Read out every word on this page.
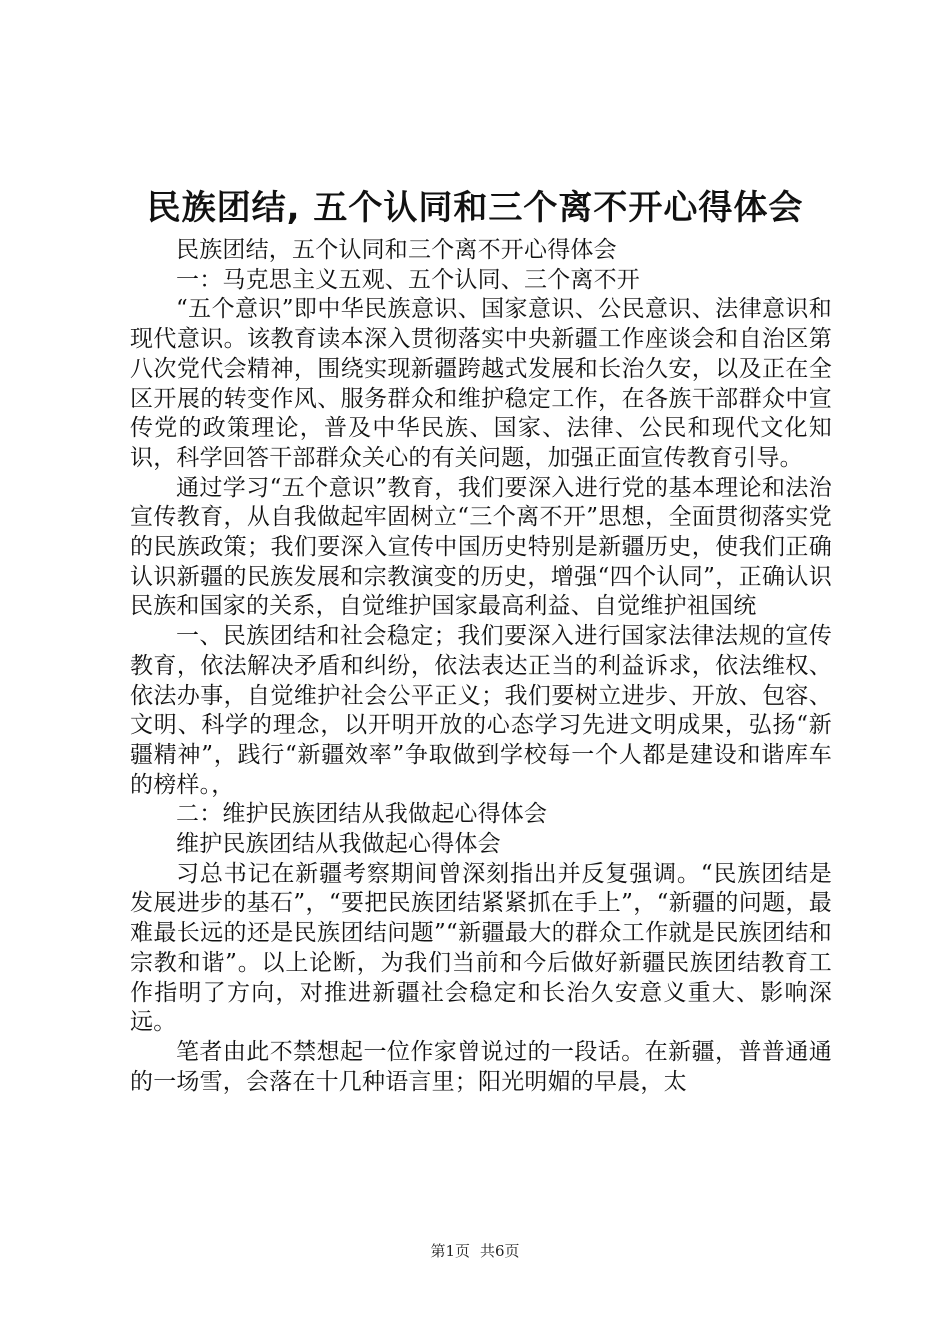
民族团结, 五个认同和三个离不开心得体会

民族团结，五个认同和三个离不开心得体会

一：马克思主义五观、五个认同、三个离不开

“五个意识”即中华民族意识、国家意识、公民意识、法律意识和现代意识。该教育读本深入贯彻落实中央新疆工作座谈会和自治区第八次党代会精神，围绕实现新疆跨越式发展和长治久安，以及正在全区开展的转变作风、服务群众和维护稳定工作，在各族干部群众中宣传党的政策理论，普及中华民族、国家、法律、公民和现代文化知识，科学回答干部群众关心的有关问题，加强正面宣传教育引导。

通过学习“五个意识”教育，我们要深入进行党的基本理论和法治宣传教育，从自我做起牢固树立“三个离不开”思想，全面贯彻落实党的民族政策；我们要深入宣传中国历史特别是新疆历史，使我们正确认识新疆的民族发展和宗教演变的历史，增强“四个认同”，正确认识民族和国家的关系，自觉维护国家最高利益、自觉维护祖国统

一、民族团结和社会稳定；我们要深入进行国家法律法规的宣传教育，依法解决矛盾和纠纷，依法表达正当的利益诉求，依法维权、依法办事，自觉维护社会公平正义；我们要树立进步、开放、包容、文明、科学的理念，以开明开放的心态学习先进文明成果，弘扬“新疆精神”，践行“新疆效率”争取做到学校每一个人都是建设和谐库车的榜样。，

二：维护民族团结从我做起心得体会

维护民族团结从我做起心得体会

习总书记在新疆考察期间曾深刻指出并反复强调。“民族团结是发展进步的基石”，“要把民族团结紧紧抓在手上”，“新疆的问题，最难最长远的还是民族团结问题”“新疆最大的群众工作就是民族团结和宗教和谐”。以上论断，为我们当前和今后做好新疆民族团结教育工作指明了方向，对推进新疆社会稳定和长治久安意义重大、影响深远。

笔者由此不禁想起一位作家曾说过的一段话。在新疆，普普通通的一场雪，会落在十几种语言里；阳光明媚的早晨，太

第1页 共6页
